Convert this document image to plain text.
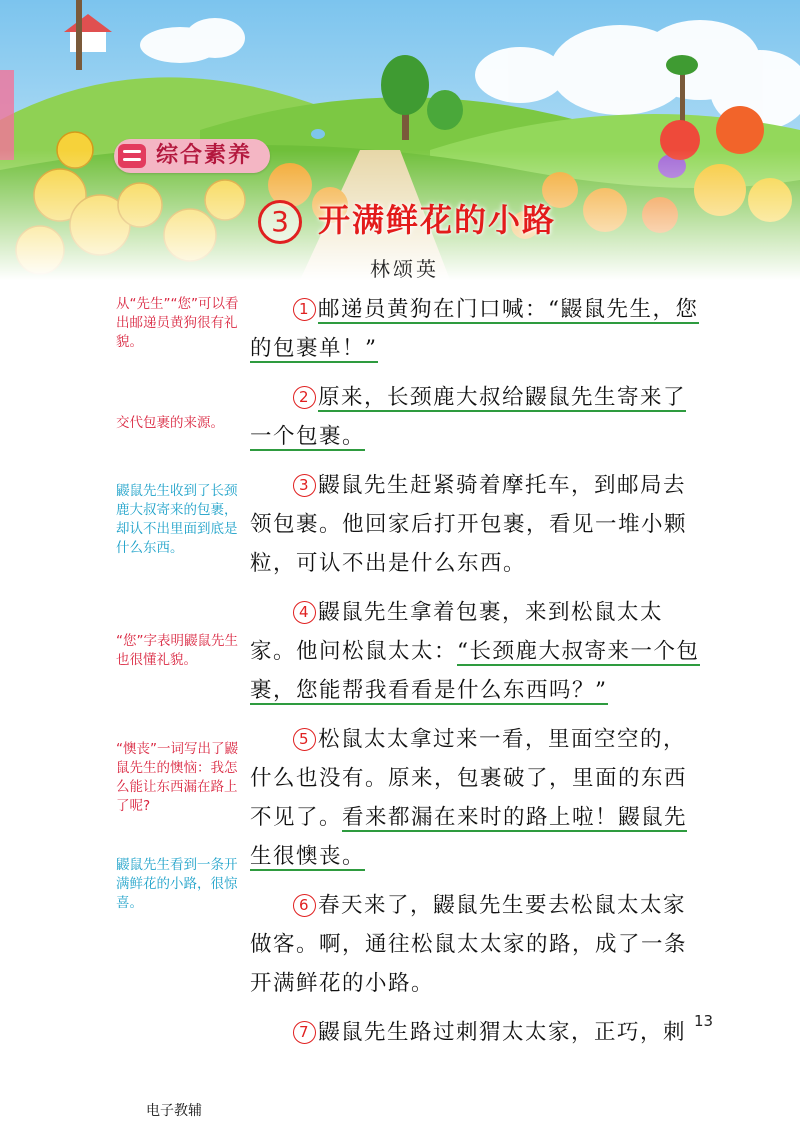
综合素养
3 开满鲜花的小路
林颂英

从“先生”“您”可以看出邮递员黄狗很有礼貌。

交代包裹的来源。

鼹鼠先生收到了长颈鹿大叔寄来的包裹，却认不出里面到底是什么东西。

“您”字表明鼹鼠先生也很懂礼貌。

“懊丧”一词写出了鼹鼠先生的懊恼：我怎么能让东西漏在路上了呢?

鼹鼠先生看到一条开满鲜花的小路，很惊喜。

1 邮递员黄狗在门口喊：“鼹鼠先生，您的包裹单！”

2 原来，长颈鹿大叔给鼹鼠先生寄来了一个包裹。

3 鼹鼠先生赶紧骑着摩托车，到邮局去领包裹。他回家后打开包裹，看见一堆小颗粒，可认不出是什么东西。

4 鼹鼠先生拿着包裹，来到松鼠太太家。他问松鼠太太：“长颈鹿大叔寄来一个包裹，您能帮我看看是什么东西吗？”

5 松鼠太太拿过来一看，里面空空的，什么也没有。原来，包裹破了，里面的东西不见了。看来都漏在来时的路上啦！鼹鼠先生很懊丧。

6 春天来了，鼹鼠先生要去松鼠太太家做客。啊，通往松鼠太太家的路，成了一条开满鲜花的小路。

7 鼹鼠先生路过刺猬太太家，正巧，刺 13
电子教辅
